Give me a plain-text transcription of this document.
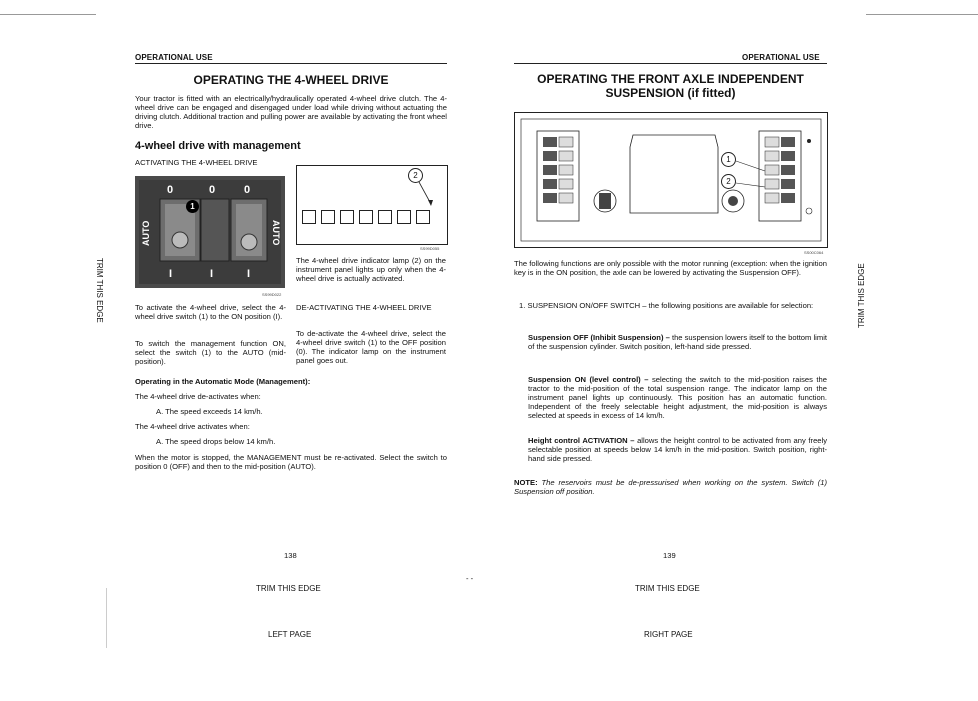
OPERATIONAL USE
OPERATING THE 4-WHEEL DRIVE
Your tractor is fitted with an electrically/hydraulically operated 4-wheel drive clutch. The 4-wheel drive can be engaged and disengaged under load while driving without actuating the driving clutch. Additional traction and pulling power are available by activating the front wheel drive.
4-wheel drive with management
ACTIVATING THE 4-WHEEL DRIVE
0	0	0
I	I	I
AUTO	AUTO
1
SS99D022
2
SS99D055
The 4-wheel drive indicator lamp (2) on the instrument panel lights up only when the 4-wheel drive is actually activated.
To activate the 4-wheel drive, select the 4-wheel drive switch (1) to the ON position (I).
To switch the management function ON, select the switch (1) to the AUTO (mid-position).
DE-ACTIVATING THE 4-WHEEL DRIVE
To de-activate the 4-wheel drive, select the 4-wheel drive switch (1) to the OFF position (0). The indicator lamp on the instrument panel goes out.
Operating in the Automatic Mode (Management):
The 4-wheel drive de-activates when:
A. The speed exceeds 14 km/h.
The 4-wheel drive activates when:
A. The speed drops below 14 km/h.
When the motor is stopped, the MANAGEMENT must be re-activated. Select the switch to position 0 (OFF) and then to the mid-position (AUTO).
138
TRIM THIS EDGE
LEFT PAGE
TRIM THIS EDGE
- -
OPERATIONAL USE
OPERATING THE FRONT AXLE INDEPENDENT SUSPENSION (if fitted)
1
2
SS00C064
The following functions are only possible with the motor running (exception: when the ignition key is in the ON position, the axle can be lowered by activating the Suspension OFF).
1. SUSPENSION ON/OFF SWITCH – the following positions are available for selection:
Suspension OFF (Inhibit Suspension) – the suspension lowers itself to the bottom limit of the suspension cylinder. Switch position, left-hand side pressed.
Suspension ON (level control) – selecting the switch to the mid-position raises the tractor to the mid-position of the total suspension range. The indicator lamp on the instrument panel lights up continuously. This position has an automatic function. Independent of the freely selectable height adjustment, the mid-position is always selected at speeds in excess of 14 km/h.
Height control ACTIVATION – allows the height control to be activated from any freely selectable position at speeds below 14 km/h in the mid-position. Switch position, right-hand side pressed.
NOTE: The reservoirs must be de-pressurised when working on the system. Switch (1) Suspension off position.
139
TRIM THIS EDGE
RIGHT PAGE
TRIM THIS EDGE
